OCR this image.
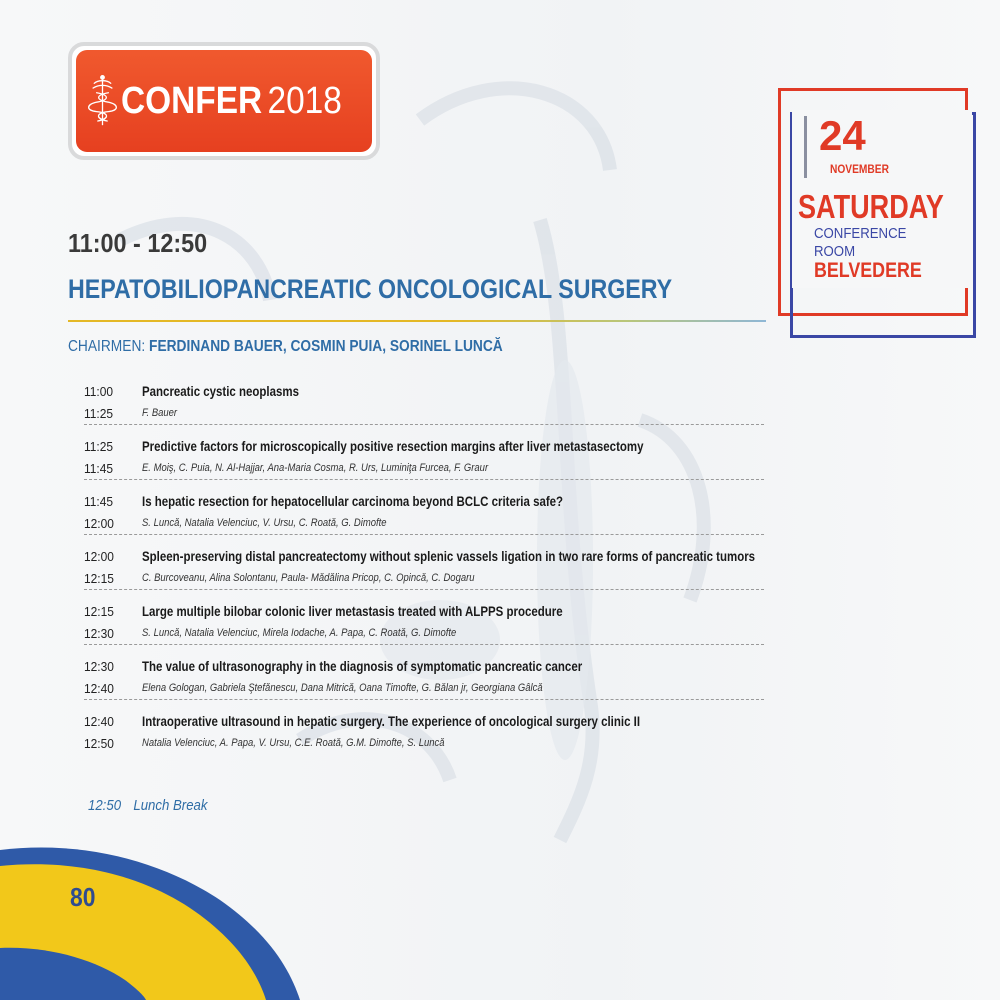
CONFER 2018
24
NOVEMBER
SATURDAY
CONFERENCE
ROOM
BELVEDERE
11:00 - 12:50
HEPATOBILIOPANCREATIC ONCOLOGICAL SURGERY
CHAIRMEN: FERDINAND BAUER, COSMIN PUIA, SORINEL LUNCĂ
11:00
11:25
Pancreatic cystic neoplasms
F. Bauer
11:25
11:45
Predictive factors for microscopically positive resection margins after liver metastasectomy
E. Moiş, C. Puia, N. Al-Hajjar, Ana-Maria Cosma, R. Urs, Luminiţa Furcea, F. Graur
11:45
12:00
Is hepatic resection for hepatocellular carcinoma beyond BCLC criteria safe?
S. Luncă, Natalia Velenciuc, V. Ursu, C. Roată, G. Dimofte
12:00
12:15
Spleen-preserving distal pancreatectomy without splenic vassels ligation in two rare forms of pancreatic tumors
C. Burcoveanu, Alina Solontanu, Paula- Mădălina Pricop, C. Opincă, C. Dogaru
12:15
12:30
Large multiple bilobar colonic liver metastasis treated with ALPPS procedure
S. Luncă, Natalia Velenciuc, Mirela Iodache, A. Papa, C. Roată, G. Dimofte
12:30
12:40
The value of ultrasonography in the diagnosis of symptomatic pancreatic cancer
Elena Gologan, Gabriela Ştefănescu, Dana Mitrică, Oana Timofte, G. Bălan jr, Georgiana Gâlcă
12:40
12:50
Intraoperative ultrasound in hepatic surgery. The experience of oncological surgery clinic II
Natalia Velenciuc, A. Papa, V. Ursu, C.E. Roată, G.M. Dimofte, S. Luncă
12:50 Lunch Break
80
